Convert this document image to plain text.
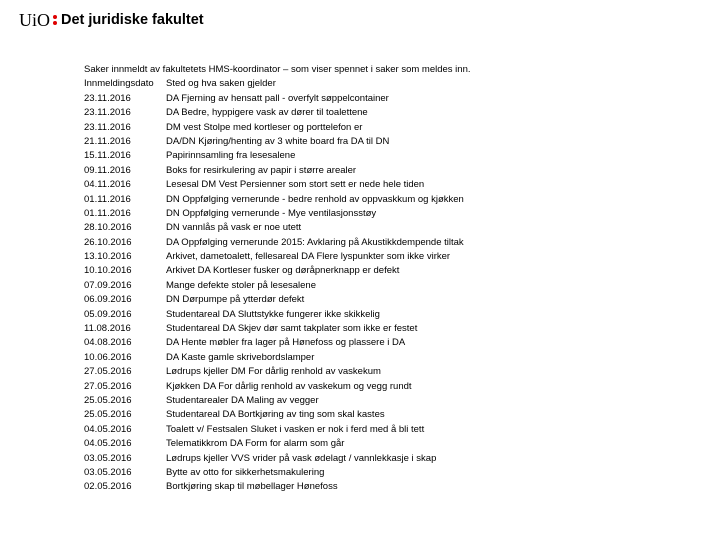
UiO Det juridiske fakultet
Saker innmeldt av fakultetets HMS-koordinator – som viser spennet i saker som meldes inn.
Innmeldingsdato	Sted og hva saken gjelder
23.11.2016	DA Fjerning av hensatt pall - overfylt søppelcontainer
23.11.2016	DA Bedre, hyppigere vask av dører til toalettene
23.11.2016	DM vest Stolpe med kortleser og porttelefon er
21.11.2016	DA/DN Kjøring/henting av 3 white board fra DA til DN
15.11.2016	Papirinnsamling fra lesesalene
09.11.2016	Boks for resirkulering av papir i større arealer
04.11.2016	Lesesal DM Vest Persienner som stort sett er nede hele tiden
01.11.2016	DN Oppfølging vernerunde - bedre renhold av oppvaskkum og kjøkken
01.11.2016	DN Oppfølging vernerunde - Mye ventilasjonsstøy
28.10.2016	DN vannlås på vask er noe utett
26.10.2016	DA Oppfølging vernerunde 2015: Avklaring på Akustikkdempende tiltak
13.10.2016	Arkivet, dametoalett, fellesareal DA Flere lyspunkter som ikke virker
10.10.2016	Arkivet DA Kortleser fusker og døråpnerknapp er defekt
07.09.2016	Mange defekte stoler på lesesalene
06.09.2016	DN Dørpumpe på ytterdør defekt
05.09.2016	Studentareal DA Sluttstykke fungerer ikke skikkelig
11.08.2016	Studentareal DA Skjev dør samt takplater som ikke er festet
04.08.2016	DA Hente møbler fra lager på Hønefoss og plassere i DA
10.06.2016	DA Kaste gamle skrivebordslamper
27.05.2016	Lødrups kjeller DM For dårlig renhold av vaskekum
27.05.2016	Kjøkken DA For dårlig renhold av vaskekum og vegg rundt
25.05.2016	Studentarealer DA Maling av vegger
25.05.2016	Studentareal DA Bortkjøring av ting som skal kastes
04.05.2016	Toalett v/ Festsalen Sluket i vasken er nok i ferd med å bli tett
04.05.2016	Telematikkrom DA Form for alarm som går
03.05.2016	Lødrups kjeller VVS vrider på vask ødelagt / vannlekkasje i skap
03.05.2016	Bytte av otto for sikkerhetsmakulering
02.05.2016	Bortkjøring skap til møbellager Hønefoss
